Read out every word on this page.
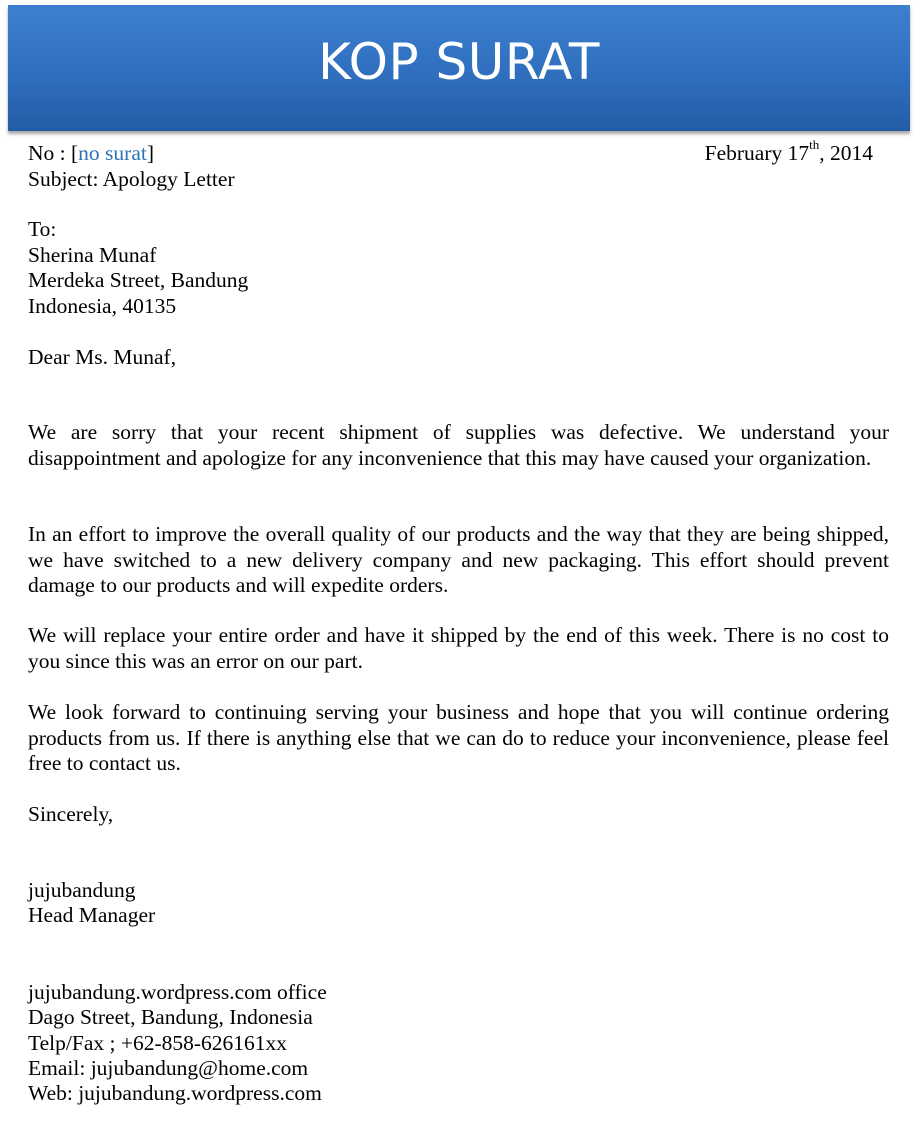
KOP SURAT
No : [no surat]	February 17th, 2014
Subject: Apology Letter
To:
Sherina Munaf
Merdeka Street, Bandung
Indonesia, 40135
Dear Ms. Munaf,
We are sorry that your recent shipment of supplies was defective. We understand your disappointment and apologize for any inconvenience that this may have caused your organization.
In an effort to improve the overall quality of our products and the way that they are being shipped, we have switched to a new delivery company and new packaging. This effort should prevent damage to our products and will expedite orders.
We will replace your entire order and have it shipped by the end of this week. There is no cost to you since this was an error on our part.
We look forward to continuing serving your business and hope that you will continue ordering products from us. If there is anything else that we can do to reduce your inconvenience, please feel free to contact us.
Sincerely,
jujubandung
Head Manager
jujubandung.wordpress.com office
Dago Street, Bandung, Indonesia
Telp/Fax ; +62-858-626161xx
Email: jujubandung@home.com
Web: jujubandung.wordpress.com
